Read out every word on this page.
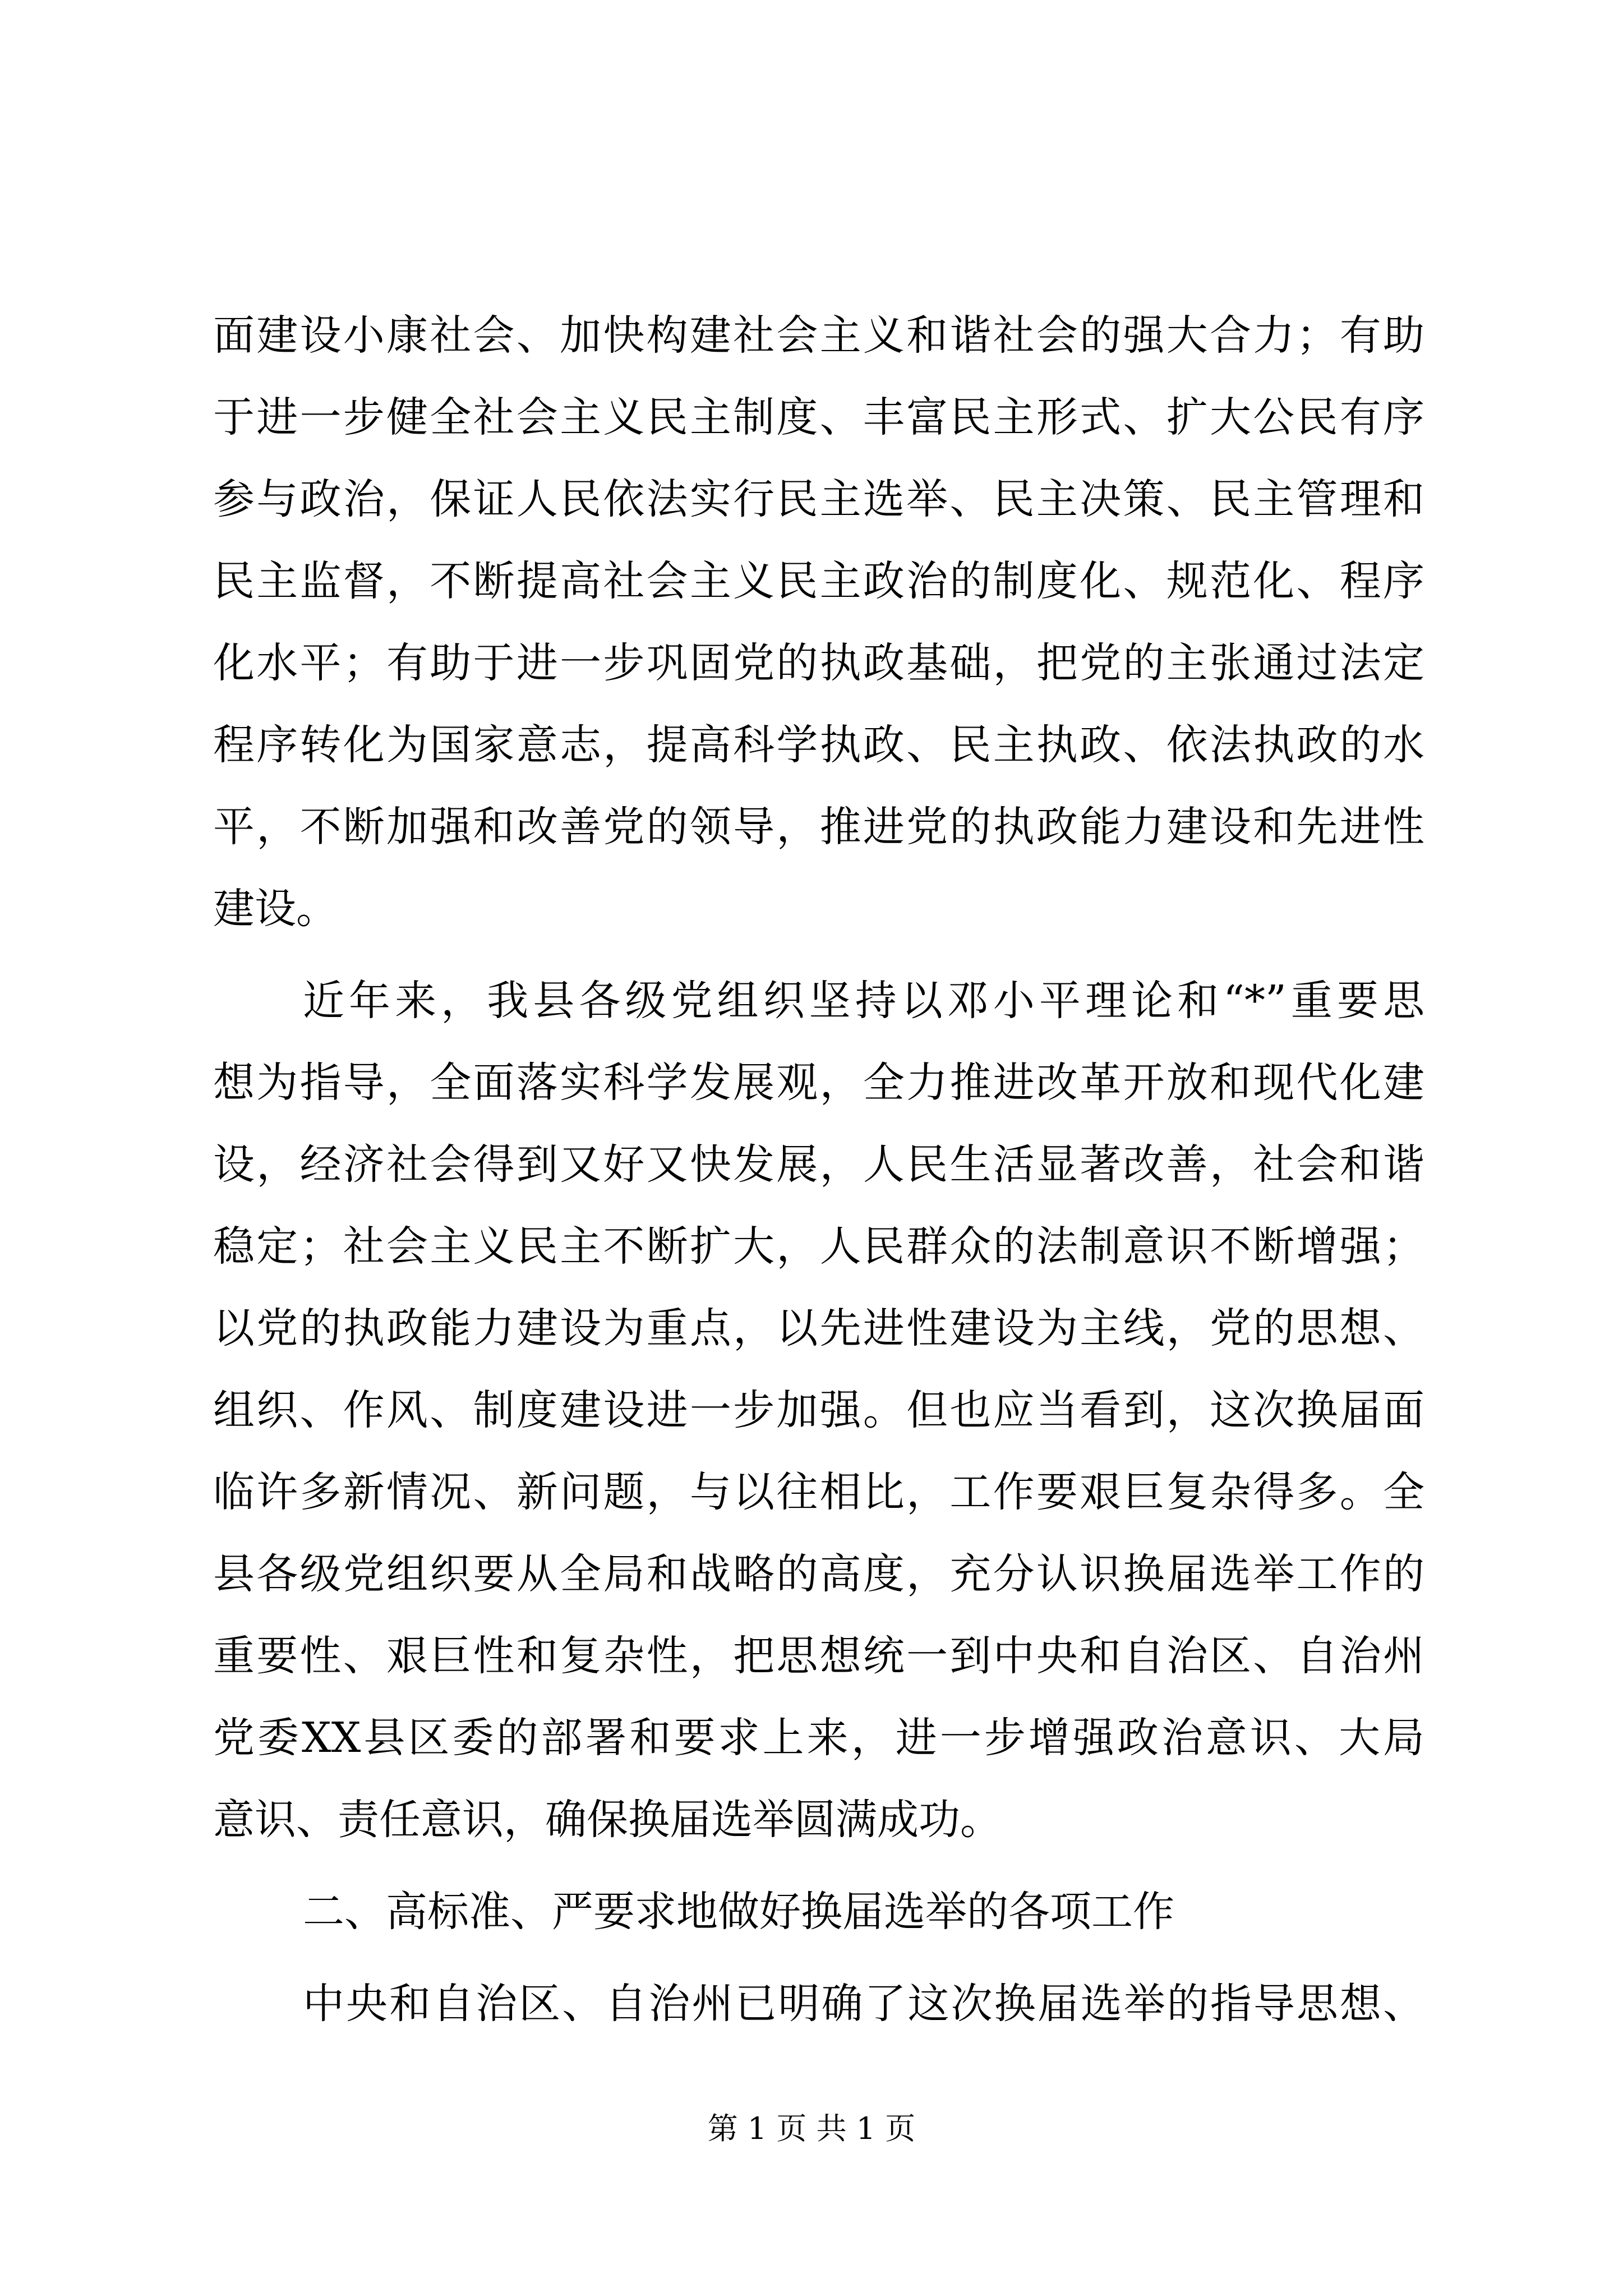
面建设小康社会、加快构建社会主义和谐社会的强大合力；有助
于进一步健全社会主义民主制度、丰富民主形式、扩大公民有序
参与政治，保证人民依法实行民主选举、民主决策、民主管理和
民主监督，不断提高社会主义民主政治的制度化、规范化、程序
化水平；有助于进一步巩固党的执政基础，把党的主张通过法定
程序转化为国家意志，提高科学执政、民主执政、依法执政的水
平，不断加强和改善党的领导，推进党的执政能力建设和先进性
建设。
近年来，我县各级党组织坚持以邓小平理论和“*”重要思
想为指导，全面落实科学发展观，全力推进改革开放和现代化建
设，经济社会得到又好又快发展，人民生活显著改善，社会和谐
稳定；社会主义民主不断扩大，人民群众的法制意识不断增强；
以党的执政能力建设为重点，以先进性建设为主线，党的思想、
组织、作风、制度建设进一步加强。但也应当看到，这次换届面
临许多新情况、新问题，与以往相比，工作要艰巨复杂得多。全
县各级党组织要从全局和战略的高度，充分认识换届选举工作的
重要性、艰巨性和复杂性，把思想统一到中央和自治区、自治州
党委XX县区委的部署和要求上来，进一步增强政治意识、大局
意识、责任意识，确保换届选举圆满成功。
二、高标准、严要求地做好换届选举的各项工作
中央和自治区、自治州已明确了这次换届选举的指导思想、
第 1 页 共 1 页
